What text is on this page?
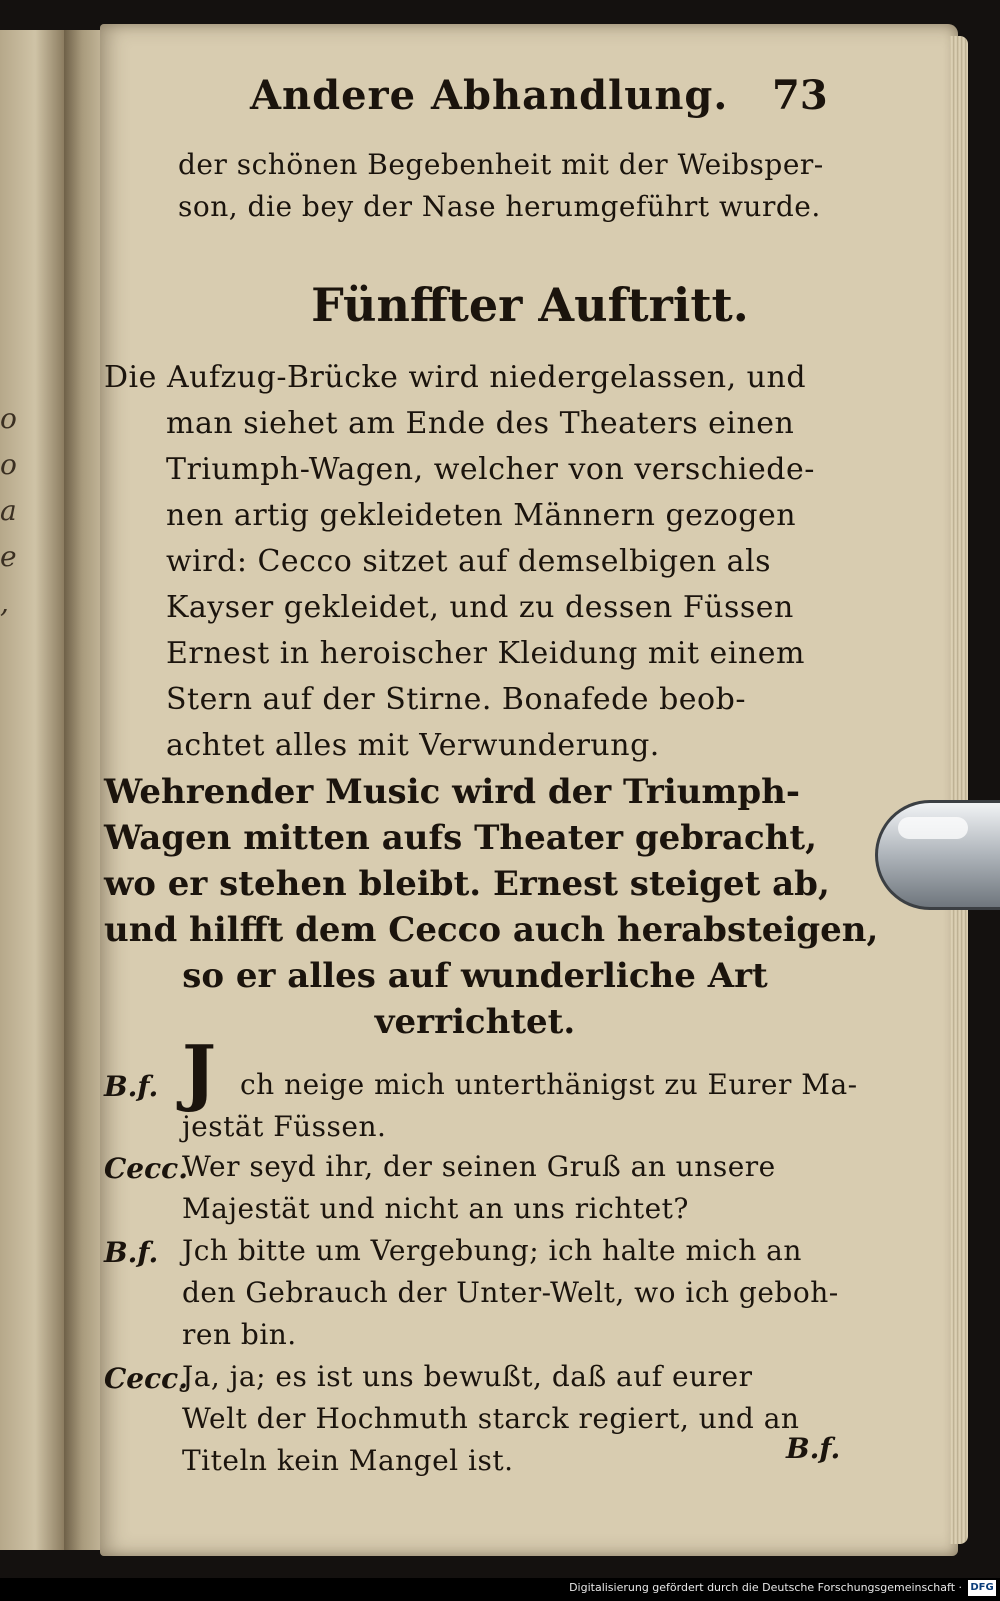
o
o
a
e
,
Andere Abhandlung. 73
der schönen Begebenheit mit der Weibsper-
son, die bey der Nase herumgeführt wurde.
Fünffter Auftritt.
Die Aufzug-Brücke wird niedergelassen, und
man siehet am Ende des Theaters einen
Triumph-Wagen, welcher von verschiede-
nen artig gekleideten Männern gezogen
wird: Cecco sitzet auf demselbigen als
Kayser gekleidet, und zu dessen Füssen
Ernest in heroischer Kleidung mit einem
Stern auf der Stirne. Bonafede beob-
achtet alles mit Verwunderung.
Wehrender Music wird der Triumph-
Wagen mitten aufs Theater gebracht,
wo er stehen bleibt. Ernest steiget ab,
und hilfft dem Cecco auch herabsteigen,
so er alles auf wunderliche Art
verrichtet.
B.f. J ch neige mich unterthänigst zu Eurer Ma-
jestät Füssen.
Cecc.
Wer seyd ihr, der seinen Gruß an unsere
Majestät und nicht an uns richtet?
B.f. Jch bitte um Vergebung; ich halte mich an
den Gebrauch der Unter-Welt, wo ich geboh-
ren bin.
Cecc.
Ja, ja; es ist uns bewußt, daß auf eurer
Welt der Hochmuth starck regiert, und an
Titeln kein Mangel ist.	B.f.
Digitalisierung gefördert durch die Deutsche Forschungsgemeinschaft · DFG
